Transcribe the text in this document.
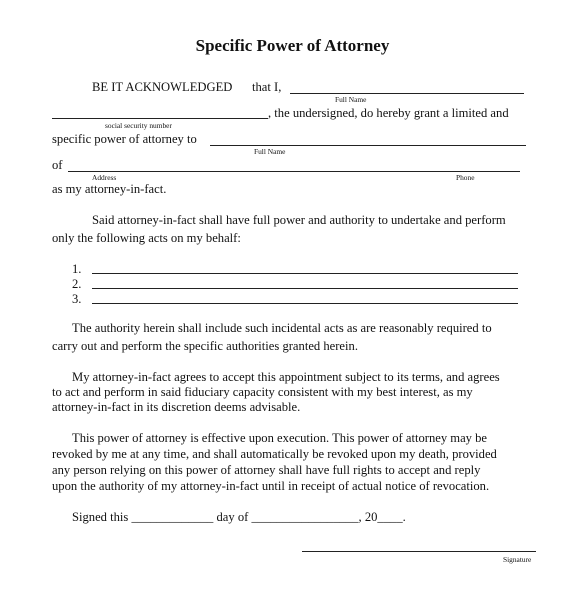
Specific Power of Attorney
BE IT ACKNOWLEDGED that I,
Full Name
, the undersigned, do hereby grant a limited and
social security number
specific power of attorney to
Full Name
of
Address	Phone
as my attorney-in-fact.
Said attorney-in-fact shall have full power and authority to undertake and perform
only the following acts on my behalf:
1.
2.
3.
The authority herein shall include such incidental acts as are reasonably required to
carry out and perform the specific authorities granted herein.
My attorney-in-fact agrees to accept this appointment subject to its terms, and agrees
to act and perform in said fiduciary capacity consistent with my best interest, as my
attorney-in-fact in its discretion deems advisable.
This power of attorney is effective upon execution. This power of attorney may be
revoked by me at any time, and shall automatically be revoked upon my death, provided
any person relying on this power of attorney shall have full rights to accept and reply
upon the authority of my attorney-in-fact until in receipt of actual notice of revocation.
Signed this _____________ day of _________________, 20____.
Signature
